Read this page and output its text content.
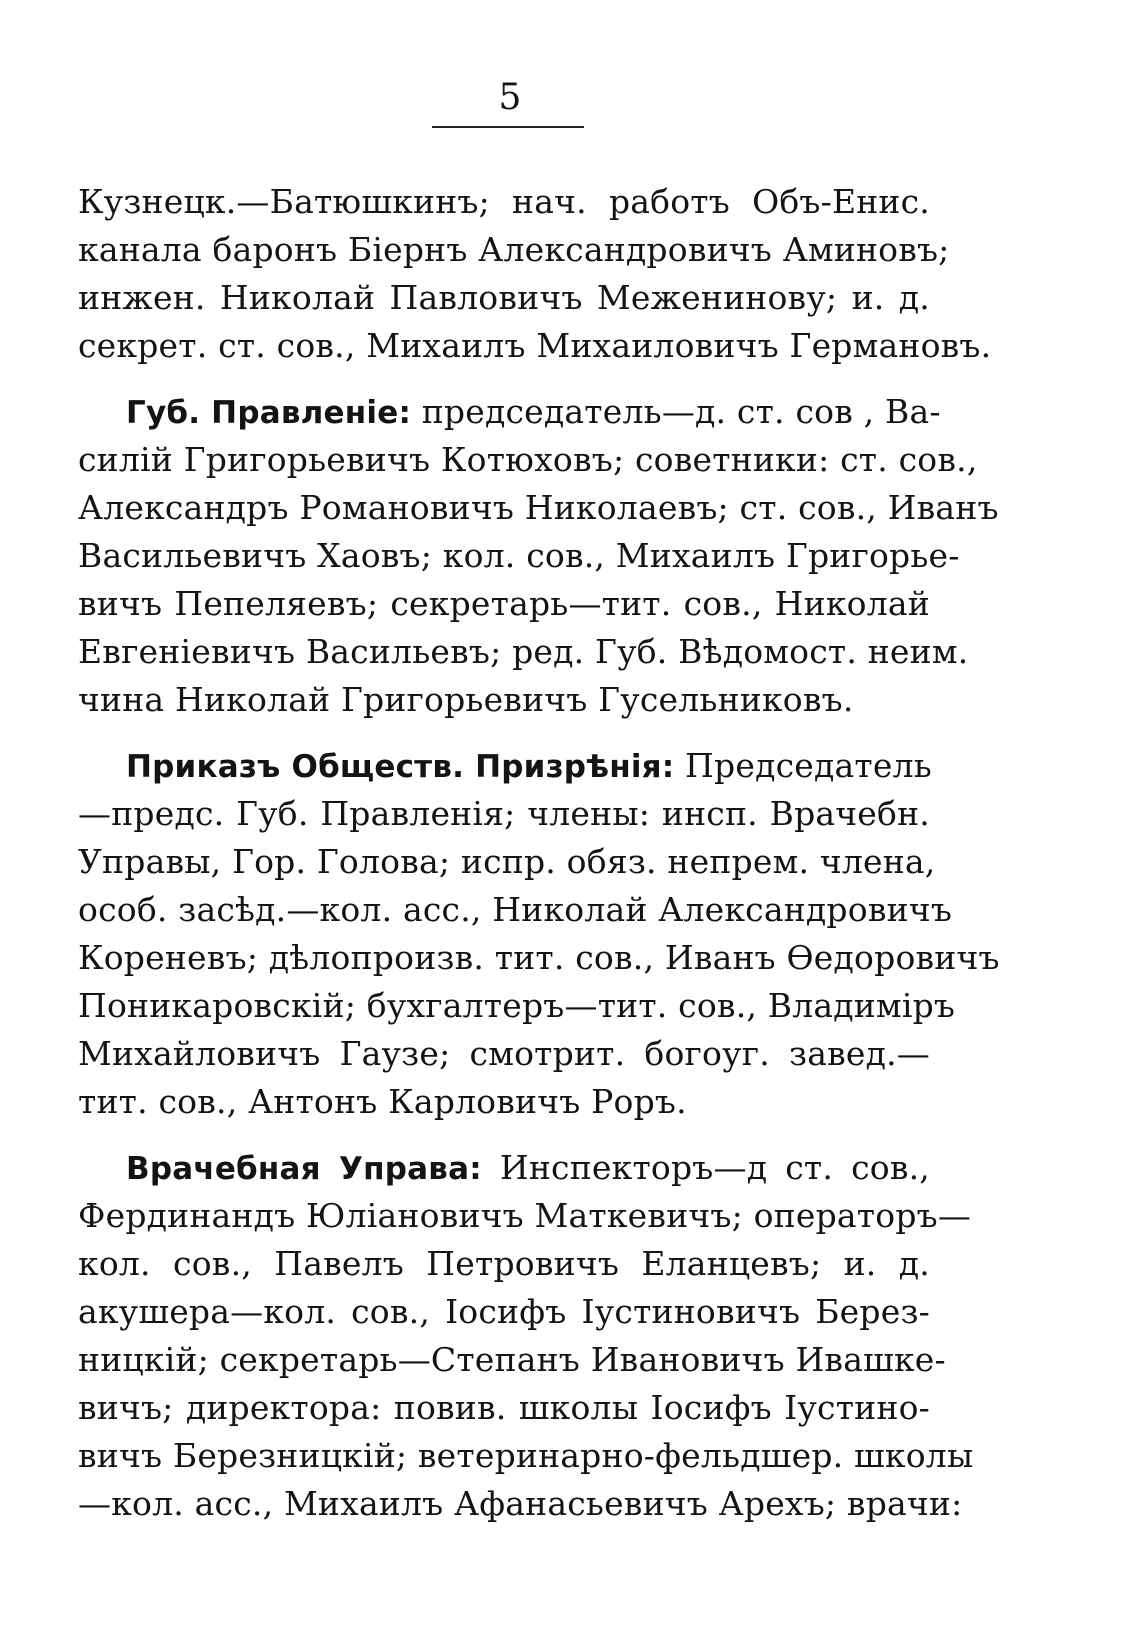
5
Кузнецк.—Батюшкинъ; нач. работъ Объ-Енис.
канала баронъ Біернъ Александровичъ Аминовъ;
инжен. Николай Павловичъ Меженинову; и. д.
секрет. ст. сов., Михаилъ Михаиловичъ Германовъ.
Губ. Правленіе: председатель—д. ст. сов , Ва-
силій Григорьевичъ Котюховъ; советники: ст. сов.,
Александръ Романовичъ Николаевъ; ст. сов., Иванъ
Васильевичъ Хаовъ; кол. сов., Михаилъ Григорье-
вичъ Пепеляевъ; секретарь—тит. сов., Николай
Евгеніевичъ Васильевъ; ред. Губ. Вѣдомост. неим.
чина Николай Григорьевичъ Гусельниковъ.
Приказъ Обществ. Призрѣнія: Председатель
—предс. Губ. Правленія; члены: инсп. Врачебн.
Управы, Гор. Голова; испр. обяз. непрем. члена,
особ. засѣд.—кол. асс., Николай Александровичъ
Кореневъ; дѣлопроизв. тит. сов., Иванъ Ѳедоровичъ
Поникаровскій; бухгалтеръ—тит. сов., Владиміръ
Михайловичъ Гаузе; смотрит. богоуг. завед.—
тит. сов., Антонъ Карловичъ Роръ.
Врачебная Управа: Инспекторъ—д ст. сов.,
Фердинандъ Юліановичъ Маткевичъ; операторъ—
кол. сов., Павелъ Петровичъ Еланцевъ; и. д.
акушера—кол. сов., Іосифъ Іустиновичъ Берез-
ницкій; секретарь—Степанъ Ивановичъ Ивашке-
вичъ; директора: повив. школы Іосифъ Іустино-
вичъ Березницкій; ветеринарно-фельдшер. школы
—кол. асс., Михаилъ Афанасьевичъ Арехъ; врачи:
